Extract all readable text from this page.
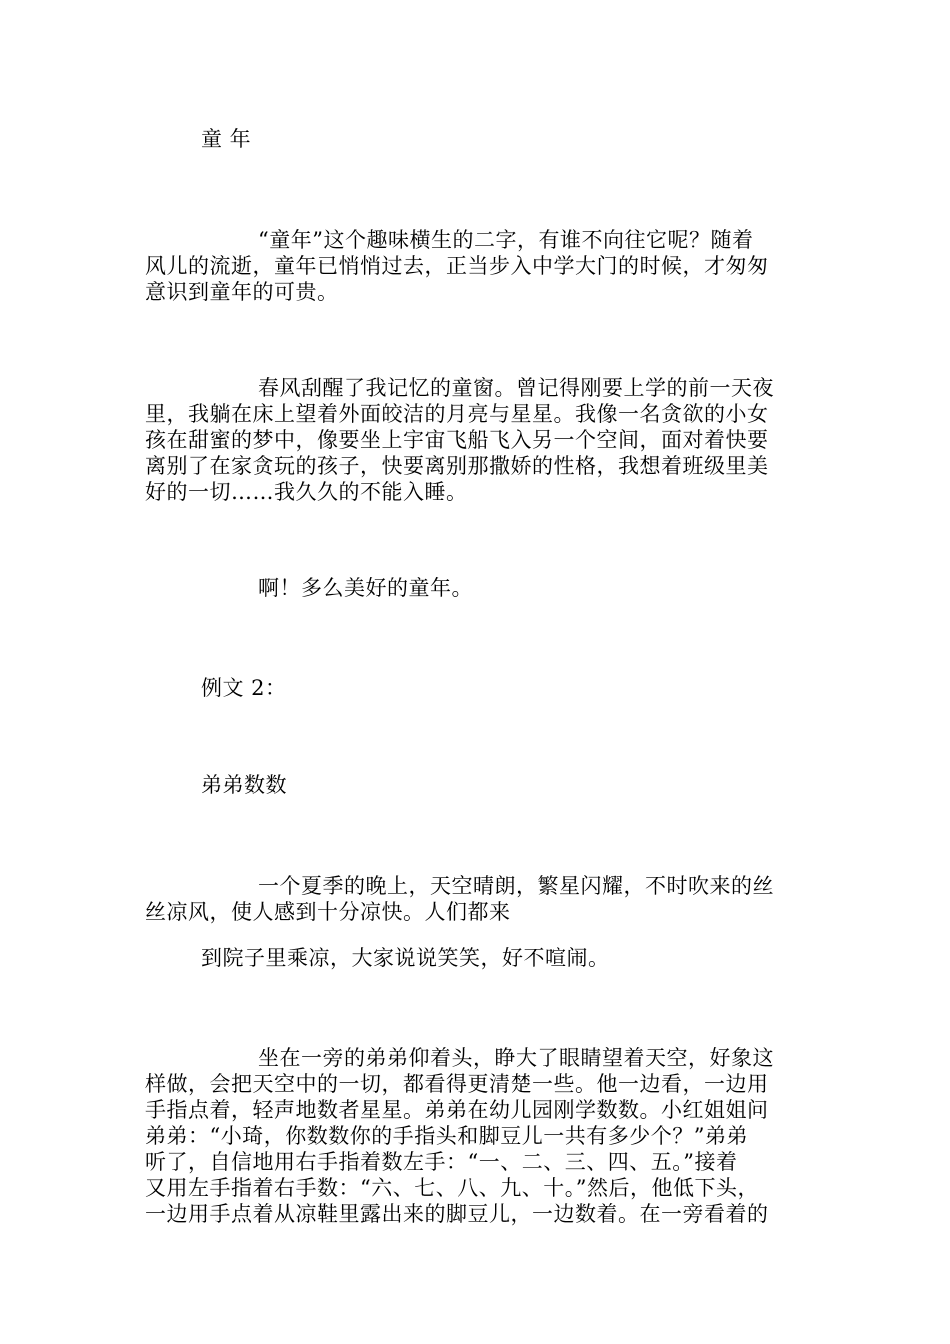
童 年
“童年”这个趣味横生的二字，有谁不向往它呢？随着
风儿的流逝，童年已悄悄过去，正当步入中学大门的时候，才匆匆
意识到童年的可贵。
春风刮醒了我记忆的童窗。曾记得刚要上学的前一天夜
里，我躺在床上望着外面皎洁的月亮与星星。我像一名贪欲的小女
孩在甜蜜的梦中，像要坐上宇宙飞船飞入另一个空间，面对着快要
离别了在家贪玩的孩子，快要离别那撒娇的性格，我想着班级里美
好的一切……我久久的不能入睡。
啊！多么美好的童年。
例文 2：
弟弟数数
一个夏季的晚上，天空晴朗，繁星闪耀，不时吹来的丝
丝凉风，使人感到十分凉快。人们都来
到院子里乘凉，大家说说笑笑，好不喧闹。
坐在一旁的弟弟仰着头，睁大了眼睛望着天空，好象这
样做，会把天空中的一切，都看得更清楚一些。他一边看，一边用
手指点着，轻声地数者星星。弟弟在幼儿园刚学数数。小红姐姐问
弟弟：“小琦，你数数你的手指头和脚豆儿一共有多少个？”弟弟
听了，自信地用右手指着数左手：“一、二、三、四、五。”接着
又用左手指着右手数：“六、七、八、九、十。”然后，他低下头，
一边用手点着从凉鞋里露出来的脚豆儿，一边数着。在一旁看着的
